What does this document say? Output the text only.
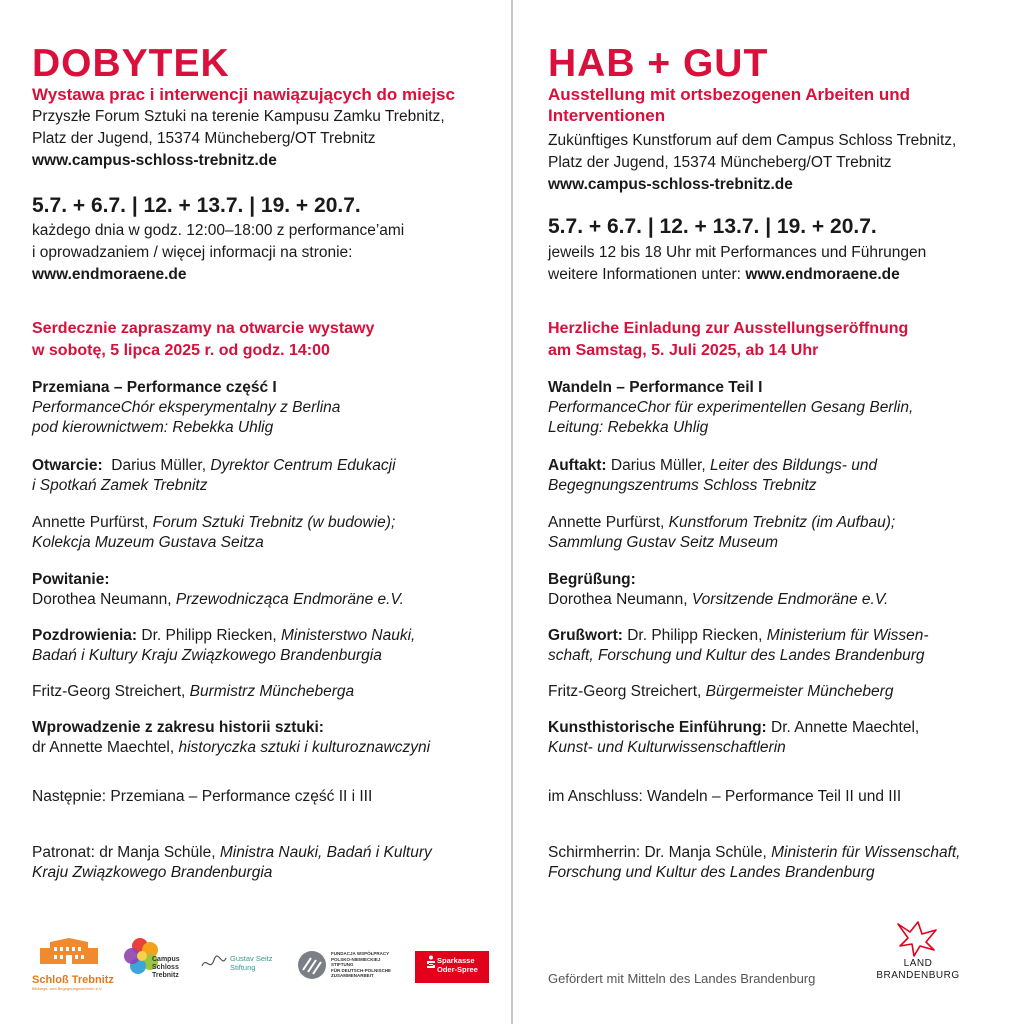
DOBYTEK
Wystawa prac i interwencji nawiązujących do miejsc
Przyszłe Forum Sztuki na terenie Kampusu Zamku Trebnitz,
Platz der Jugend, 15374 Müncheberg/OT Trebnitz
www.campus-schloss-trebnitz.de
5.7. + 6.7. | 12. + 13.7. | 19. + 20.7.
każdego dnia w godz. 12:00–18:00 z performance’ami
i oprowadzaniem / więcej informacji na stronie:
www.endmoraene.de
Serdecznie zapraszamy na otwarcie wystawy
w sobotę, 5 lipca 2025 r. od godz. 14:00
Przemiana – Performance część I
PerformanceChór eksperymentalny z Berlina
pod kierownictwem: Rebekka Uhlig
Otwarcie: Darius Müller, Dyrektor Centrum Edukacji
i Spotkań Zamek Trebnitz
Annette Purfürst, Forum Sztuki Trebnitz (w budowie);
Kolekcja Muzeum Gustava Seitza
Powitanie:
Dorothea Neumann, Przewodnicząca Endmoräne e.V.
Pozdrowienia: Dr. Philipp Riecken, Ministerstwo Nauki,
Badań i Kultury Kraju Związkowego Brandenburgia
Fritz-Georg Streichert, Burmistrz Müncheberga
Wprowadzenie z zakresu historii sztuki:
dr Annette Maechtel, historyczka sztuki i kulturoznawczyni
Następnie: Przemiana – Performance część II i III
Patronat: dr Manja Schüle, Ministra Nauki, Badań i Kultury
Kraju Związkowego Brandenburgia
Schloß Trebnitz
Bildungs- und Begegnungszentrum e.V.
Campus
Schloss
Trebnitz
Gustav Seitz
Stiftung
FUNDACJA WSPÓŁPRACY
POLSKO-NIEMIECKIEJ
STIFTUNG
FÜR DEUTSCH-POLNISCHE
ZUSAMMENARBEIT
Sparkasse
Oder-Spree
HAB + GUT
Ausstellung mit ortsbezogenen Arbeiten und
Interventionen
Zukünftiges Kunstforum auf dem Campus Schloss Trebnitz,
Platz der Jugend, 15374 Müncheberg/OT Trebnitz
www.campus-schloss-trebnitz.de
5.7. + 6.7. | 12. + 13.7. | 19. + 20.7.
jeweils 12 bis 18 Uhr mit Performances und Führungen
weitere Informationen unter: www.endmoraene.de
Herzliche Einladung zur Ausstellungseröffnung
am Samstag, 5. Juli 2025, ab 14 Uhr
Wandeln – Performance Teil I
PerformanceChor für experimentellen Gesang Berlin,
Leitung: Rebekka Uhlig
Auftakt: Darius Müller, Leiter des Bildungs- und
Begegnungszentrums Schloss Trebnitz
Annette Purfürst, Kunstforum Trebnitz (im Aufbau);
Sammlung Gustav Seitz Museum
Begrüßung:
Dorothea Neumann, Vorsitzende Endmoräne e.V.
Grußwort: Dr. Philipp Riecken, Ministerium für Wissen-
schaft, Forschung und Kultur des Landes Brandenburg
Fritz-Georg Streichert, Bürgermeister Müncheberg
Kunsthistorische Einführung: Dr. Annette Maechtel,
Kunst- und Kulturwissenschaftlerin
im Anschluss: Wandeln – Performance Teil II und III
Schirmherrin: Dr. Manja Schüle, Ministerin für Wissenschaft,
Forschung und Kultur des Landes Brandenburg
Gefördert mit Mitteln des Landes Brandenburg
LAND
BRANDENBURG
